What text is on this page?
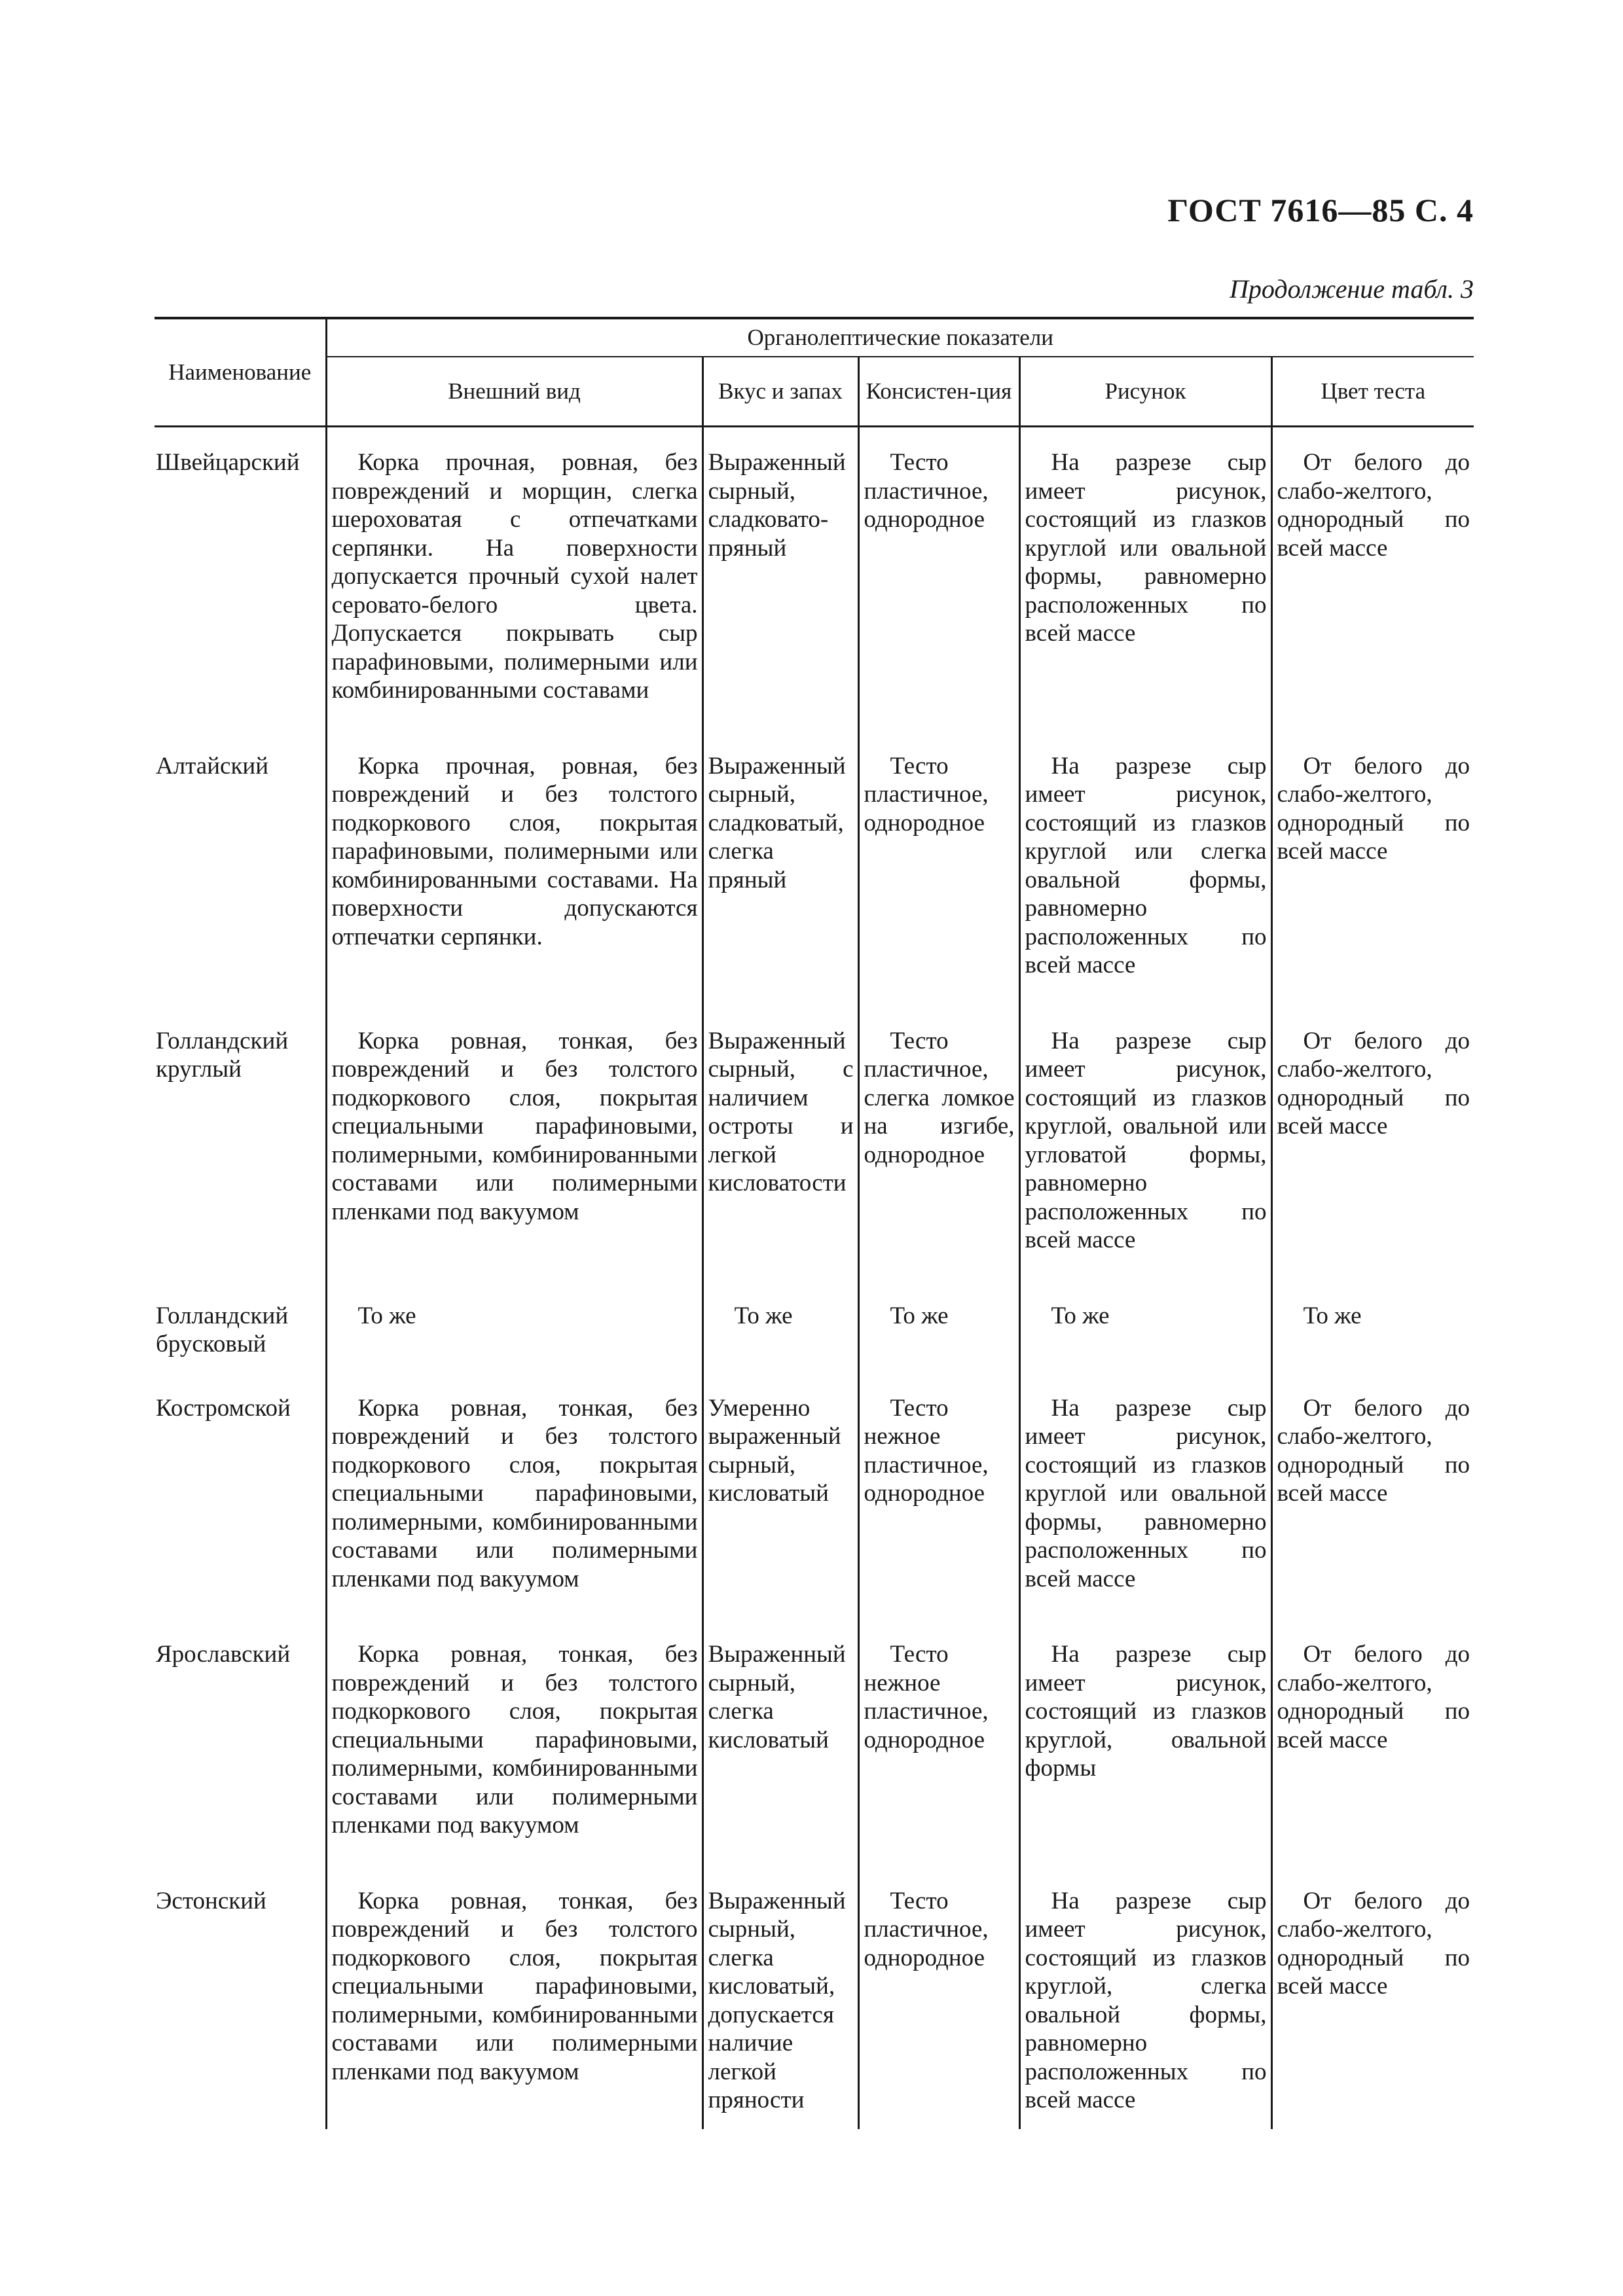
ГОСТ 7616—85 С. 4
Продолжение табл. 3
Наименование	Органолептические показатели				
	Внешний вид	Вкус и запах	Консистен-ция	Рисунок	Цвет теста
Швейцарский	Корка прочная, ровная, без повреждений и морщин, слегка шероховатая с отпечатками серпянки. На поверхности допускается прочный сухой налет серовато-белого цвета. Допускается покрывать сыр парафиновыми, полимерными или комбинированными составами	Выраженный сырный, сладковато-пряный	Тесто пластичное, однородное	На разрезе сыр имеет рисунок, состоящий из глазков круглой или овальной формы, равномерно расположенных по всей массе	От белого до слабо-желтого, однородный по всей массе
Алтайский	Корка прочная, ровная, без повреждений и без толстого подкоркового слоя, покрытая парафиновыми, полимерными или комбинированными составами. На поверхности допускаются отпечатки серпянки.	Выраженный сырный, сладковатый, слегка пряный	Тесто пластичное, однородное	На разрезе сыр имеет рисунок, состоящий из глазков круглой или слегка овальной формы, равномерно расположенных по всей массе	От белого до слабо-желтого, однородный по всей массе
Голландский круглый	Корка ровная, тонкая, без повреждений и без толстого подкоркового слоя, покрытая специальными парафиновыми, полимерными, комбинированными составами или полимерными пленками под вакуумом	Выраженный сырный, с наличием остроты и легкой кисловатости	Тесто пластичное, слегка ломкое на изгибе, однородное	На разрезе сыр имеет рисунок, состоящий из глазков круглой, овальной или угловатой формы, равномерно расположенных по всей массе	От белого до слабо-желтого, однородный по всей массе
Голландский брусковый	То же	То же	То же	То же	То же
Костромской	Корка ровная, тонкая, без повреждений и без толстого подкоркового слоя, покрытая специальными парафиновыми, полимерными, комбинированными составами или полимерными пленками под вакуумом	Умеренно выраженный сырный, кисловатый	Тесто нежное пластичное, однородное	На разрезе сыр имеет рисунок, состоящий из глазков круглой или овальной формы, равномерно расположенных по всей массе	От белого до слабо-желтого, однородный по всей массе
Ярославский	Корка ровная, тонкая, без повреждений и без толстого подкоркового слоя, покрытая специальными парафиновыми, полимерными, комбинированными составами или полимерными пленками под вакуумом	Выраженный сырный, слегка кисловатый	Тесто нежное пластичное, однородное	На разрезе сыр имеет рисунок, состоящий из глазков круглой, овальной формы	От белого до слабо-желтого, однородный по всей массе
Эстонский	Корка ровная, тонкая, без повреждений и без толстого подкоркового слоя, покрытая специальными парафиновыми, полимерными, комбинированными составами или полимерными пленками под вакуумом	Выраженный сырный, слегка кисловатый, допускается наличие легкой пряности	Тесто пластичное, однородное	На разрезе сыр имеет рисунок, состоящий из глазков круглой, слегка овальной формы, равномерно расположенных по всей массе	От белого до слабо-желтого, однородный по всей массе
